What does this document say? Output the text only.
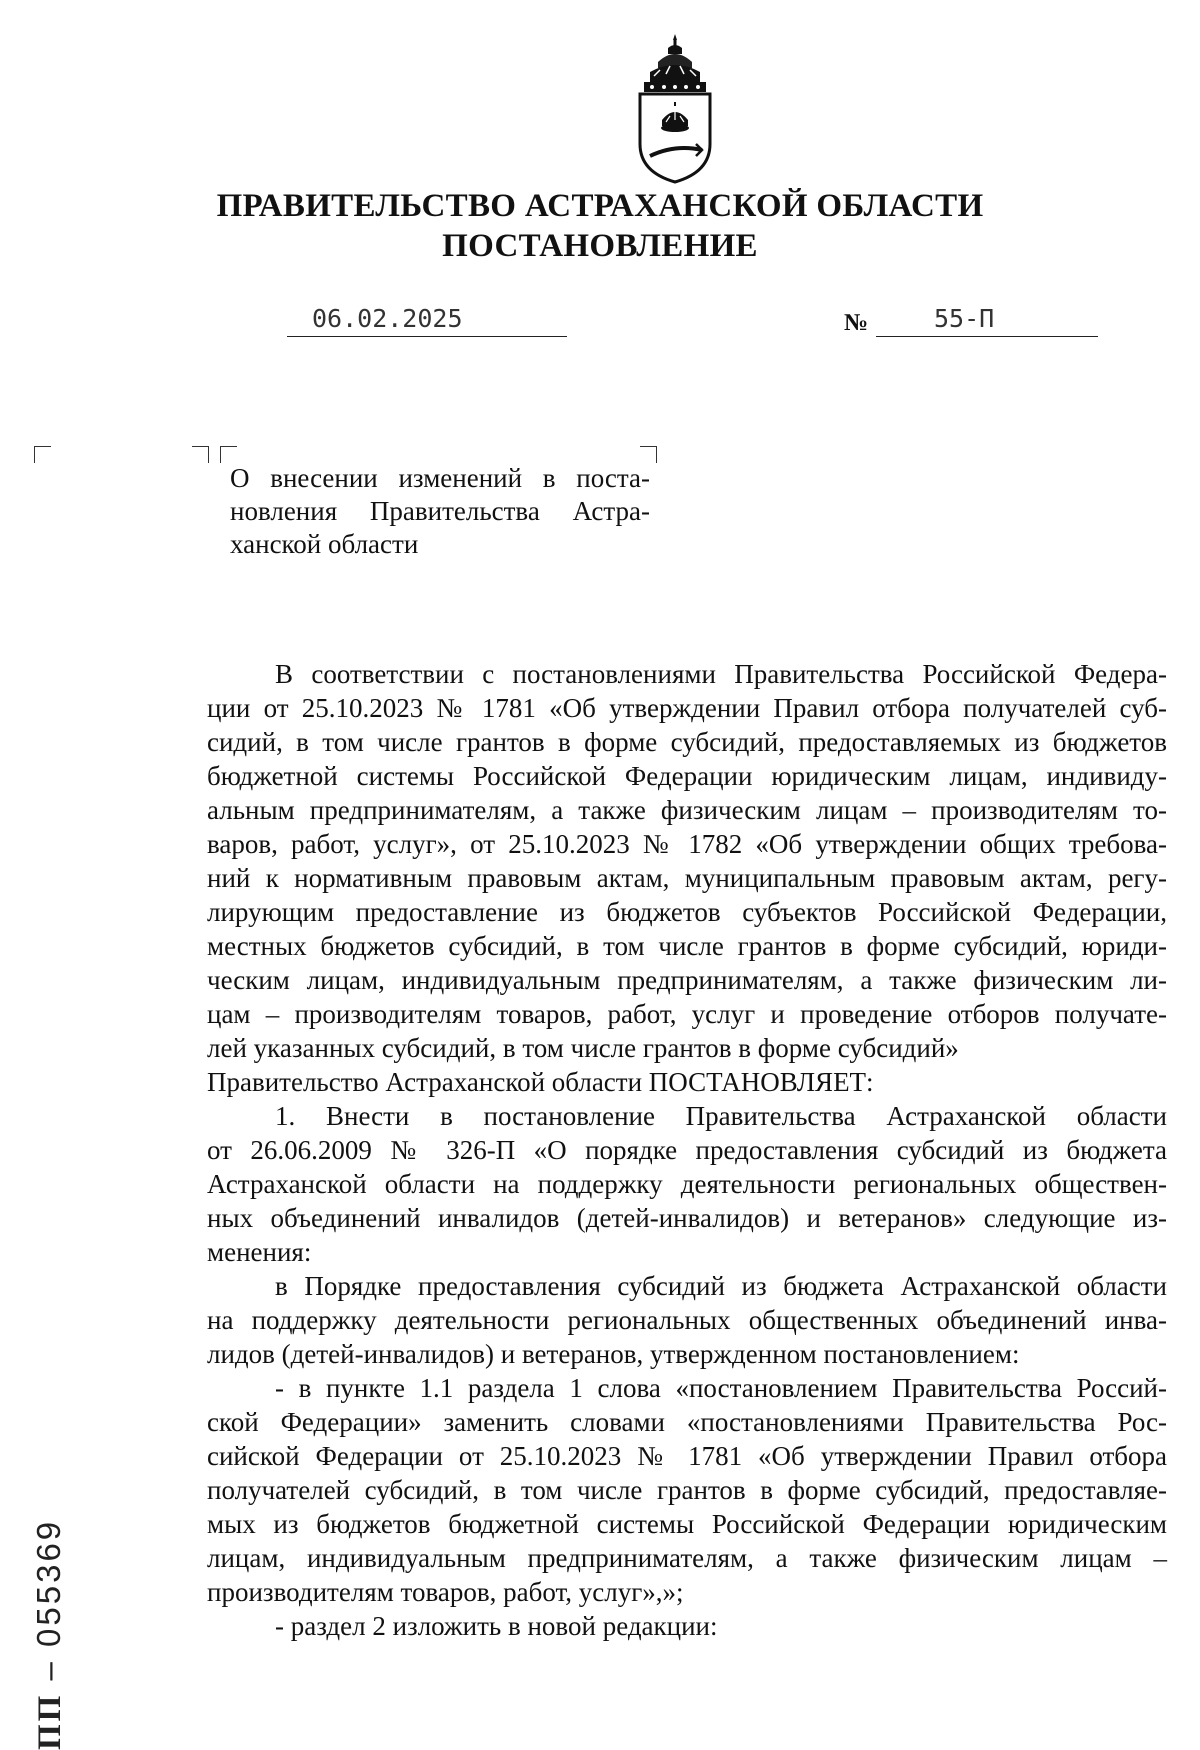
ПРАВИТЕЛЬСТВО АСТРАХАНСКОЙ ОБЛАСТИ
ПОСТАНОВЛЕНИЕ
06.02.2025	№	55-П
О внесении изменений в поста-
новления Правительства Астра-
ханской области
В соответствии с постановлениями Правительства Российской Федера-
ции от 25.10.2023 № 1781 «Об утверждении Правил отбора получателей суб-
сидий, в том числе грантов в форме субсидий, предоставляемых из бюджетов
бюджетной системы Российской Федерации юридическим лицам, индивиду-
альным предпринимателям, а также физическим лицам – производителям то-
варов, работ, услуг», от 25.10.2023 № 1782 «Об утверждении общих требова-
ний к нормативным правовым актам, муниципальным правовым актам, регу-
лирующим предоставление из бюджетов субъектов Российской Федерации,
местных бюджетов субсидий, в том числе грантов в форме субсидий, юриди-
ческим лицам, индивидуальным предпринимателям, а также физическим ли-
цам – производителям товаров, работ, услуг и проведение отборов получате-
лей указанных субсидий, в том числе грантов в форме субсидий»
Правительство Астраханской области ПОСТАНОВЛЯЕТ:
1. Внести в постановление Правительства Астраханской области
от 26.06.2009 № 326-П «О порядке предоставления субсидий из бюджета
Астраханской области на поддержку деятельности региональных обществен-
ных объединений инвалидов (детей-инвалидов) и ветеранов» следующие из-
менения:
в Порядке предоставления субсидий из бюджета Астраханской области
на поддержку деятельности региональных общественных объединений инва-
лидов (детей-инвалидов) и ветеранов, утвержденном постановлением:
- в пункте 1.1 раздела 1 слова «постановлением Правительства Россий-
ской Федерации» заменить словами «постановлениями Правительства Рос-
сийской Федерации от 25.10.2023 № 1781 «Об утверждении Правил отбора
получателей субсидий, в том числе грантов в форме субсидий, предоставляе-
мых из бюджетов бюджетной системы Российской Федерации юридическим
лицам, индивидуальным предпринимателям, а также физическим лицам –
производителям товаров, работ, услуг»,»;
- раздел 2 изложить в новой редакции:
ПП – 055369
